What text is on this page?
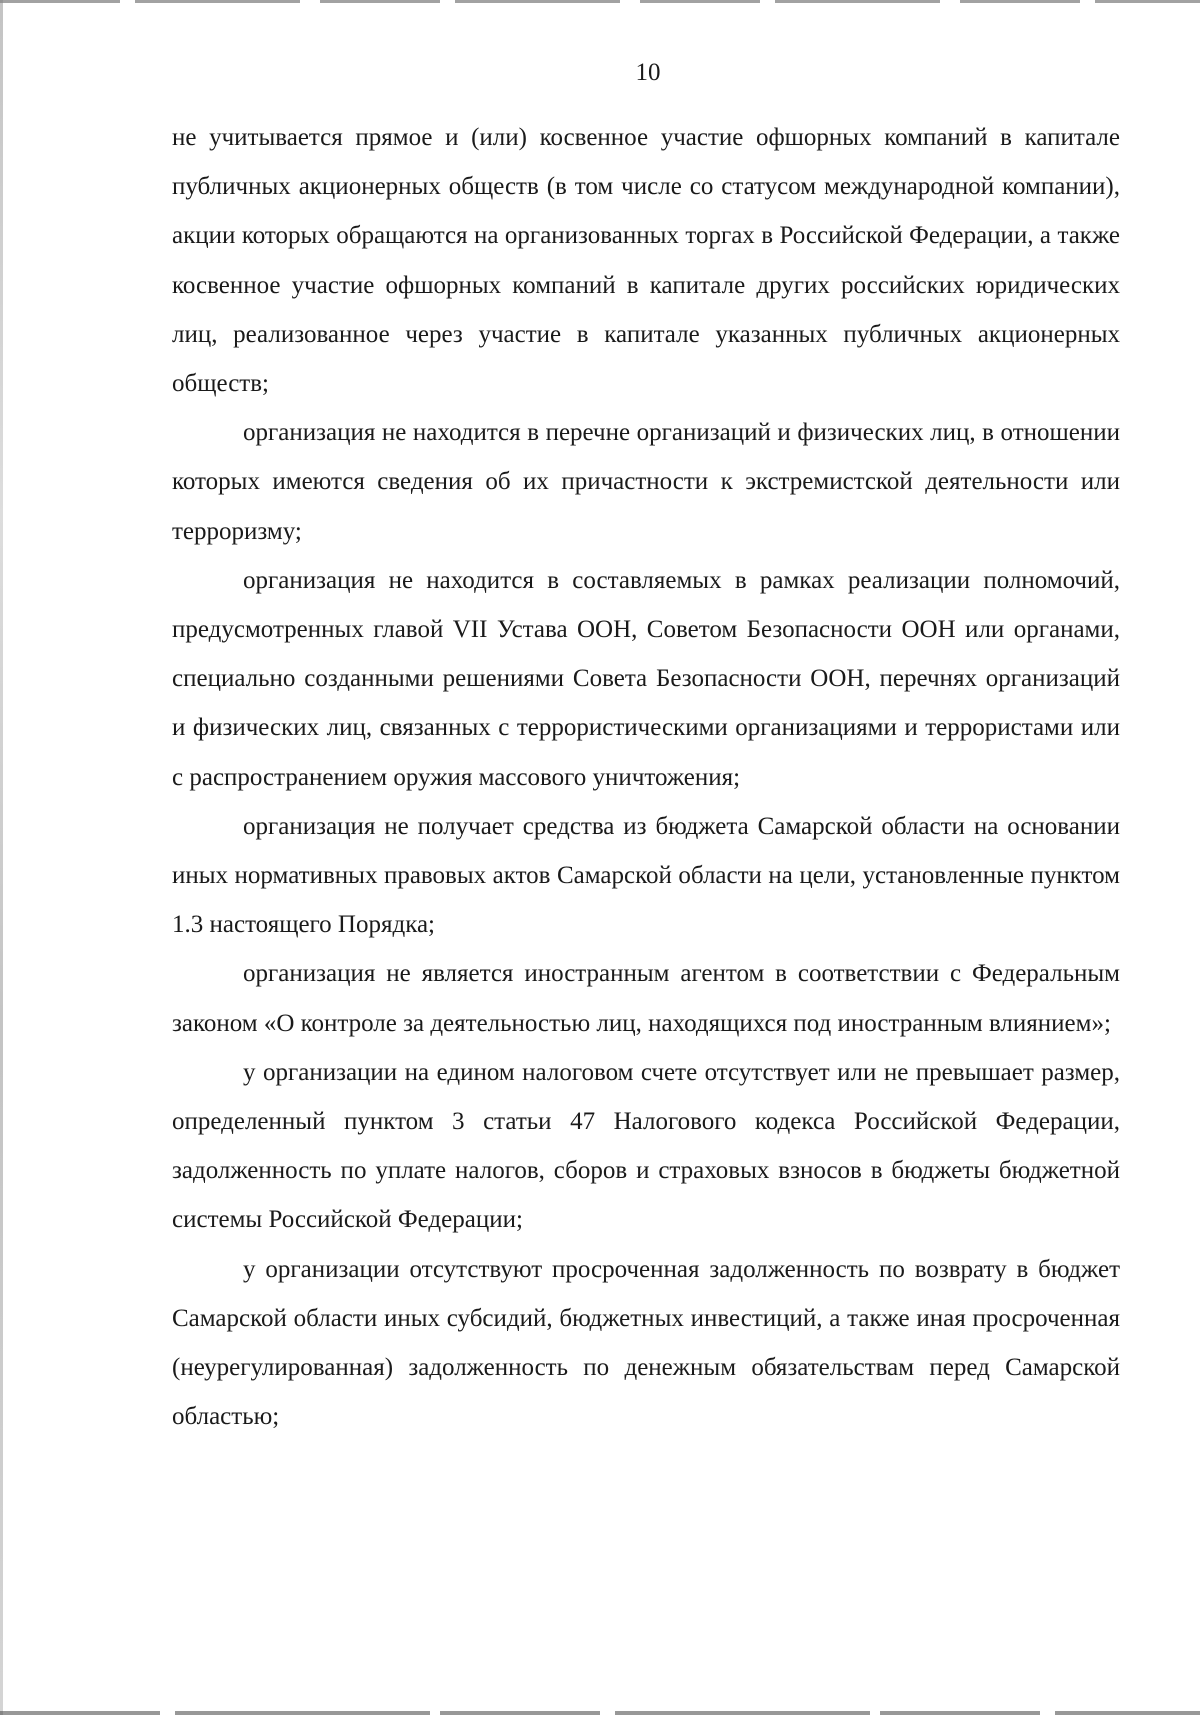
10

не учитывается прямое и (или) косвенное участие офшорных компаний в капитале публичных акционерных обществ (в том числе со статусом международной компании), акции которых обращаются на организованных торгах в Российской Федерации, а также косвенное участие офшорных компаний в капитале других российских юридических лиц, реализованное через участие в капитале указанных публичных акционерных обществ;

организация не находится в перечне организаций и физических лиц, в отношении которых имеются сведения об их причастности к экстремистской деятельности или терроризму;

организация не находится в составляемых в рамках реализации полномочий, предусмотренных главой VII Устава ООН, Советом Безопасности ООН или органами, специально созданными решениями Совета Безопасности ООН, перечнях организаций и физических лиц, связанных с террористическими организациями и террористами или с распространением оружия массового уничтожения;

организация не получает средства из бюджета Самарской области на основании иных нормативных правовых актов Самарской области на цели, установленные пунктом 1.3 настоящего Порядка;

организация не является иностранным агентом в соответствии с Федеральным законом «О контроле за деятельностью лиц, находящихся под иностранным влиянием»;

у организации на едином налоговом счете отсутствует или не превышает размер, определенный пунктом 3 статьи 47 Налогового кодекса Российской Федерации, задолженность по уплате налогов, сборов и страховых взносов в бюджеты бюджетной системы Российской Федерации;

у организации отсутствуют просроченная задолженность по возврату в бюджет Самарской области иных субсидий, бюджетных инвестиций, а также иная просроченная (неурегулированная) задолженность по денежным обязательствам перед Самарской областью;
